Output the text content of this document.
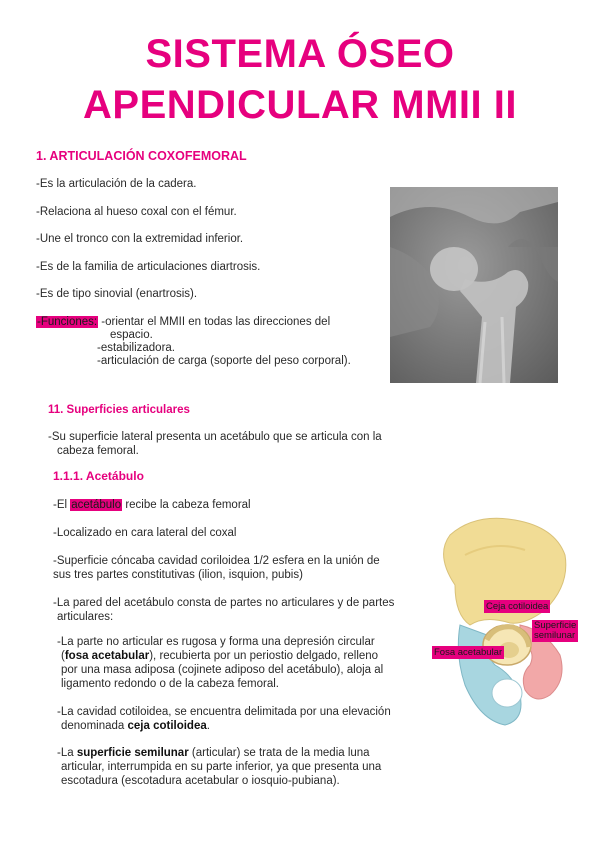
SISTEMA ÓSEO
APENDICULAR MMII II
1. ARTICULACIÓN COXOFEMORAL

-Es la articulación de la cadera.

-Relaciona al hueso coxal con el fémur.

-Une el tronco con la extremidad inferior.

-Es de la familia de articulaciones diartrosis.

-Es de tipo sinovial (enartrosis).

-Funciones: -orientar el MMII en todas las direcciones del

espacio.

-estabilizadora.

-articulación de carga (soporte del peso corporal).

11. Superficies articulares

-Su superficie lateral presenta un acetábulo que se articula con la

cabeza femoral.

1.1.1. Acetábulo

-El acetábulo recibe la cabeza femoral

-Localizado en cara lateral del coxal

-Superficie cóncaba cavidad coriloidea 1/2 esfera en la unión de

sus tres partes constitutivas (ilion, isquion, pubis)

-La pared del acetábulo consta de partes no articulares y de partes

articulares:

-La parte no articular es rugosa y forma una depresión circular

(fosa acetabular), recubierta por un periostio delgado, relleno

por una masa adiposa (cojinete adiposo del acetábulo), aloja al

ligamento redondo o de la cabeza femoral.

-La cavidad cotiloidea, se encuentra delimitada por una elevación

denominada ceja cotiloidea.

-La superficie semilunar (articular) se trata de la media luna

articular, interrumpida en su parte inferior, ya que presenta una

escotadura (escotadura acetabular o iosquio-pubiana).

Ceja cotiloidea
Superficie
semilunar
Fosa acetabular
